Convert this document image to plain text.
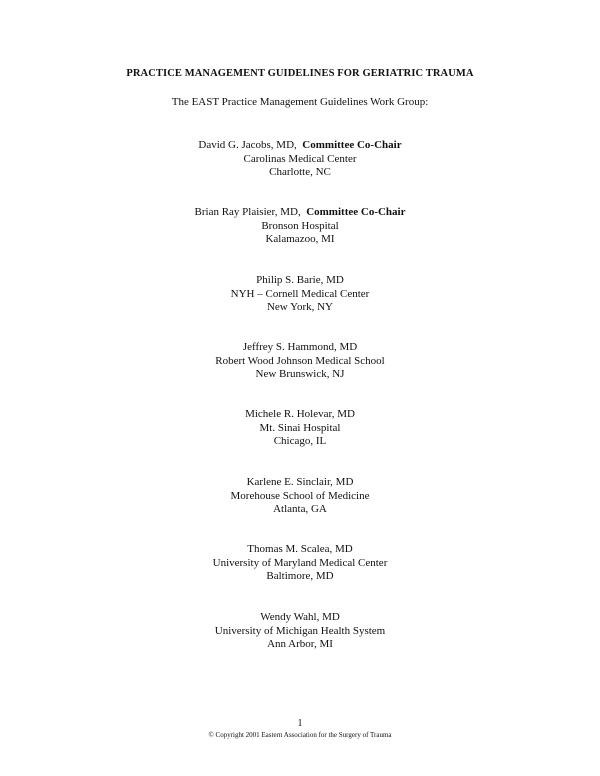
PRACTICE MANAGEMENT GUIDELINES FOR GERIATRIC TRAUMA
The EAST Practice Management Guidelines Work Group:
David G. Jacobs, MD, Committee Co-Chair
Carolinas Medical Center
Charlotte, NC
Brian Ray Plaisier, MD, Committee Co-Chair
Bronson Hospital
Kalamazoo, MI
Philip S. Barie, MD
NYH – Cornell Medical Center
New York, NY
Jeffrey S. Hammond, MD
Robert Wood Johnson Medical School
New Brunswick, NJ
Michele R. Holevar, MD
Mt. Sinai Hospital
Chicago, IL
Karlene E. Sinclair, MD
Morehouse School of Medicine
Atlanta, GA
Thomas M. Scalea, MD
University of Maryland Medical Center
Baltimore, MD
Wendy Wahl, MD
University of Michigan Health System
Ann Arbor, MI
1
© Copyright 2001 Eastern Association for the Surgery of Trauma
